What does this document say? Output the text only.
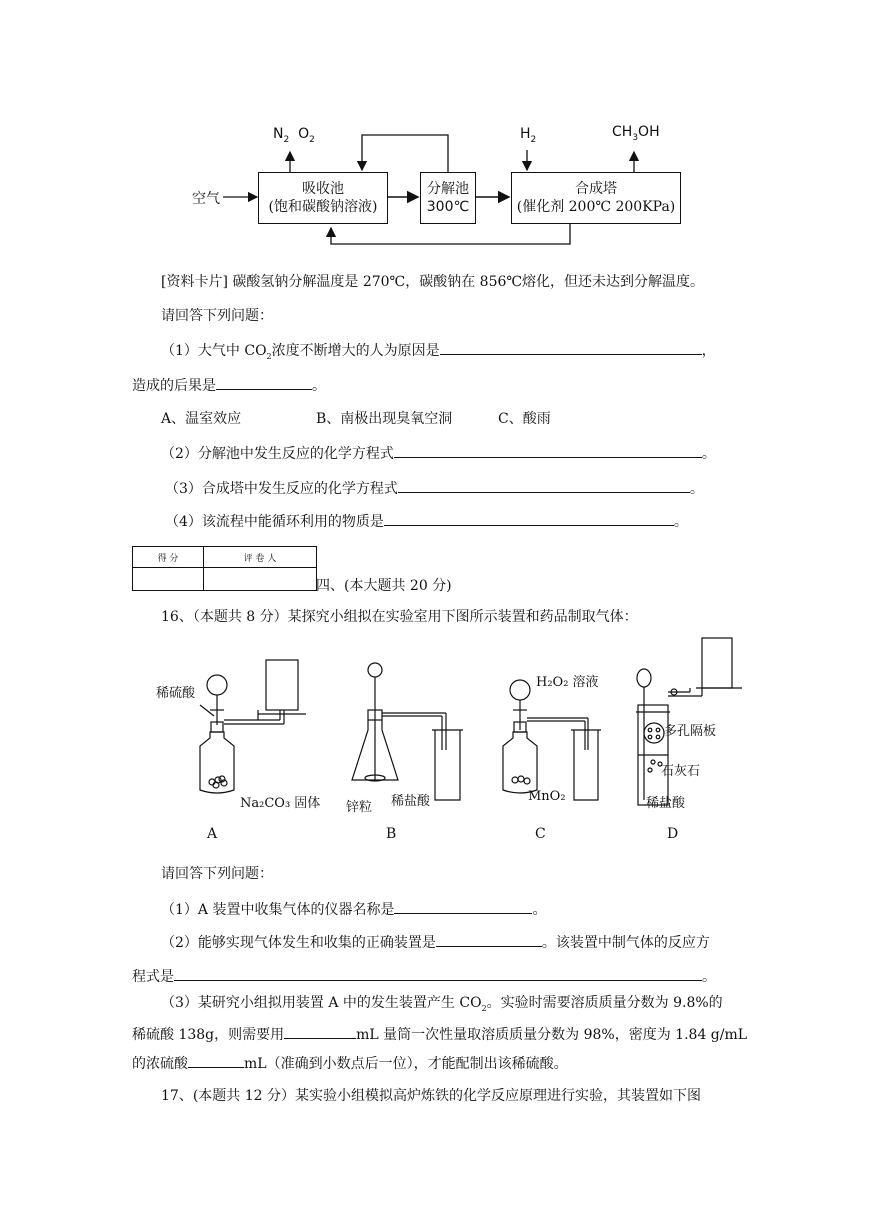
空气
$N_2$ $O_2$
吸收池
(饱和碳酸钠溶液)
分解池
300℃
合成塔
(催化剂 200℃ 200KPa)
$H_2$	$CH_3OH$
[资料卡片] 碳酸氢钠分解温度是 270℃，碳酸钠在 856℃熔化，但还未达到分解温度。
请回答下列问题：
（1）大气中 $CO_2$浓度不断增大的人为原因是	，
造成的后果是	。
A、温室效应	B、南极出现臭氧空洞	C、酸雨
（2）分解池中发生反应的化学方程式	。
（3）合成塔中发生反应的化学方程式	。
（4）该流程中能循环利用的物质是	。
得 分	评 卷 人

四、(本大题共 20 分)
16、（本题共 8 分）某探究小组拟在实验室用下图所示装置和药品制取气体：
稀硫酸
Na₂CO₃ 固体 锌粒 稀盐酸
H₂O₂ 溶液
MnO₂
多孔隔板
石灰石
稀盐酸
A	B	C	D
请回答下列问题：
（1）A 装置中收集气体的仪器名称是	。
（2）能够实现气体发生和收集的正确装置是	。该装置中制气体的反应方
程式是	。
（3）某研究小组拟用装置 A 中的发生装置产生 $CO_2$。实验时需要溶质质量分数为 9.8%的
稀硫酸 138g，则需要用	mL 量筒一次性量取溶质质量分数为 98%，密度为 1.84 g/mL
的浓硫酸	mL（准确到小数点后一位），才能配制出该稀硫酸。
17、(本题共 12 分）某实验小组模拟高炉炼铁的化学反应原理进行实验，其装置如下图
